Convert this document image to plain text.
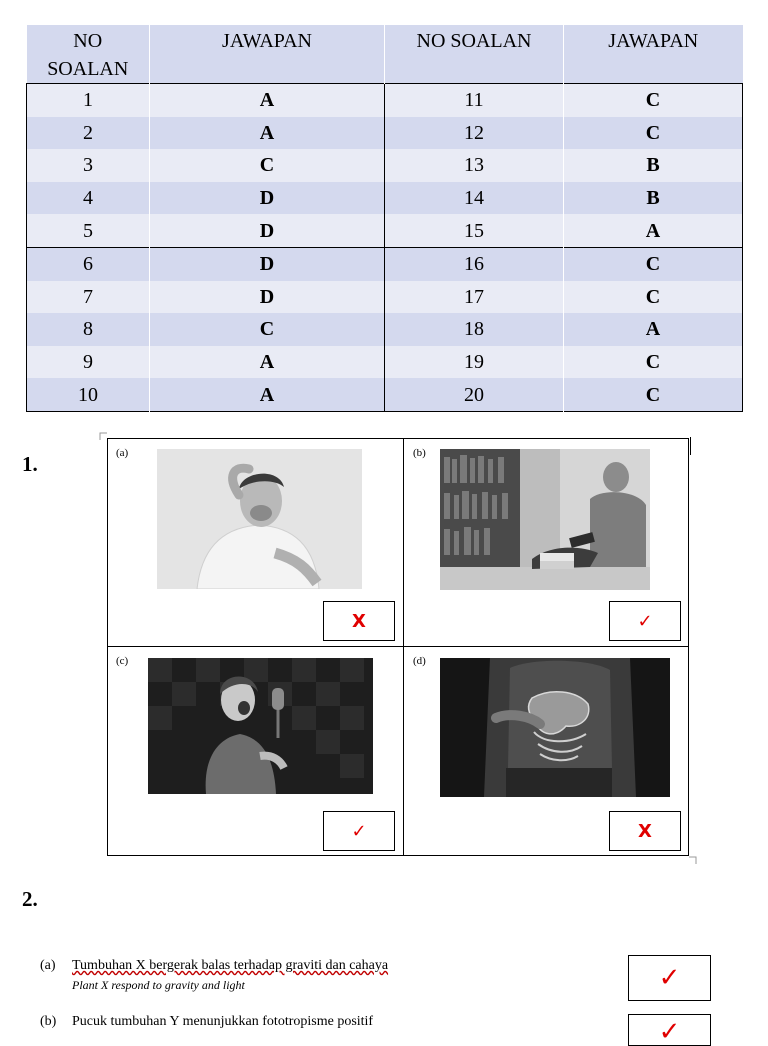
NO SOALAN	JAWAPAN	NO SOALAN	JAWAPAN
1	A	11	C
2	A	12	C
3	C	13	B
4	D	14	B
5	D	15	A
6	D	16	C
7	D	17	C
8	C	18	A
9	A	19	C
10	A	20	C
1.	(a)
X
(b)
✓
(c)
✓
(d)
X
2.
(a) Tumbuhan X bergerak balas terhadap graviti dan cahaya
Plant X respond to gravity and light	✓
(b) Pucuk tumbuhan Y menunjukkan fototropisme positif	✓
